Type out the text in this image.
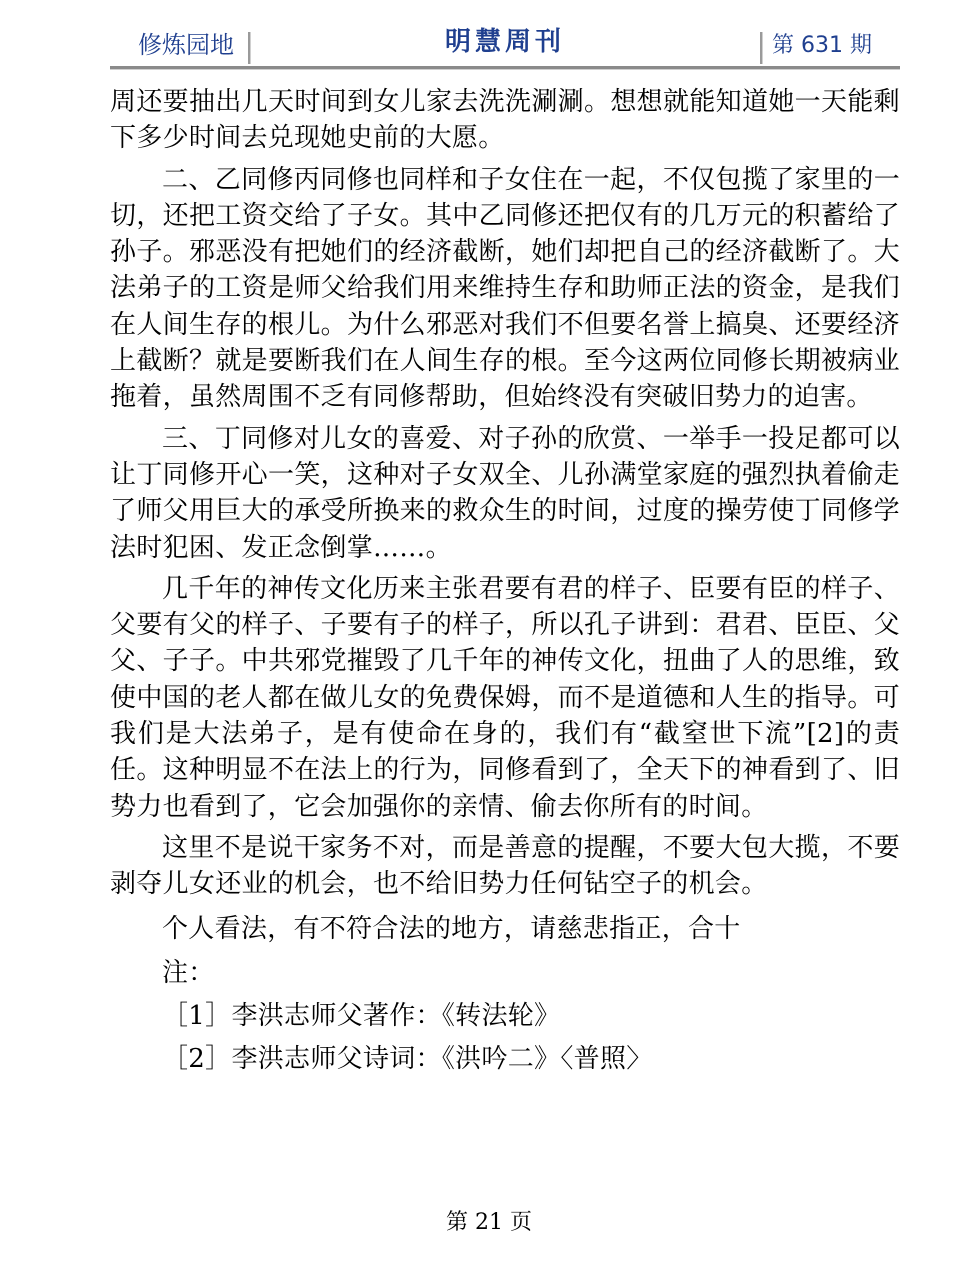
修炼园地	明慧周刊	第 631 期

周还要抽出几天时间到女儿家去洗洗涮涮。想想就能知道她一天能剩下多少时间去兑现她史前的大愿。

二、乙同修丙同修也同样和子女住在一起，不仅包揽了家里的一切，还把工资交给了子女。其中乙同修还把仅有的几万元的积蓄给了孙子。邪恶没有把她们的经济截断，她们却把自己的经济截断了。大法弟子的工资是师父给我们用来维持生存和助师正法的资金，是我们在人间生存的根儿。为什么邪恶对我们不但要名誉上搞臭、还要经济上截断？就是要断我们在人间生存的根。至今这两位同修长期被病业拖着，虽然周围不乏有同修帮助，但始终没有突破旧势力的迫害。

三、丁同修对儿女的喜爱、对子孙的欣赏、一举手一投足都可以让丁同修开心一笑，这种对子女双全、儿孙满堂家庭的强烈执着偷走了师父用巨大的承受所换来的救众生的时间，过度的操劳使丁同修学法时犯困、发正念倒掌……。

几千年的神传文化历来主张君要有君的样子、臣要有臣的样子、父要有父的样子、子要有子的样子，所以孔子讲到：君君、臣臣、父父、子子。中共邪党摧毁了几千年的神传文化，扭曲了人的思维，致使中国的老人都在做儿女的免费保姆，而不是道德和人生的指导。可我们是大法弟子，是有使命在身的，我们有“截窒世下流”[2]的责任。这种明显不在法上的行为，同修看到了，全天下的神看到了、旧势力也看到了，它会加强你的亲情、偷去你所有的时间。

这里不是说干家务不对，而是善意的提醒，不要大包大揽，不要剥夺儿女还业的机会，也不给旧势力任何钻空子的机会。

个人看法，有不符合法的地方，请慈悲指正，合十

注：

［1］李洪志师父著作：《转法轮》

［2］李洪志师父诗词：《洪吟二》〈普照〉

第 21 页
